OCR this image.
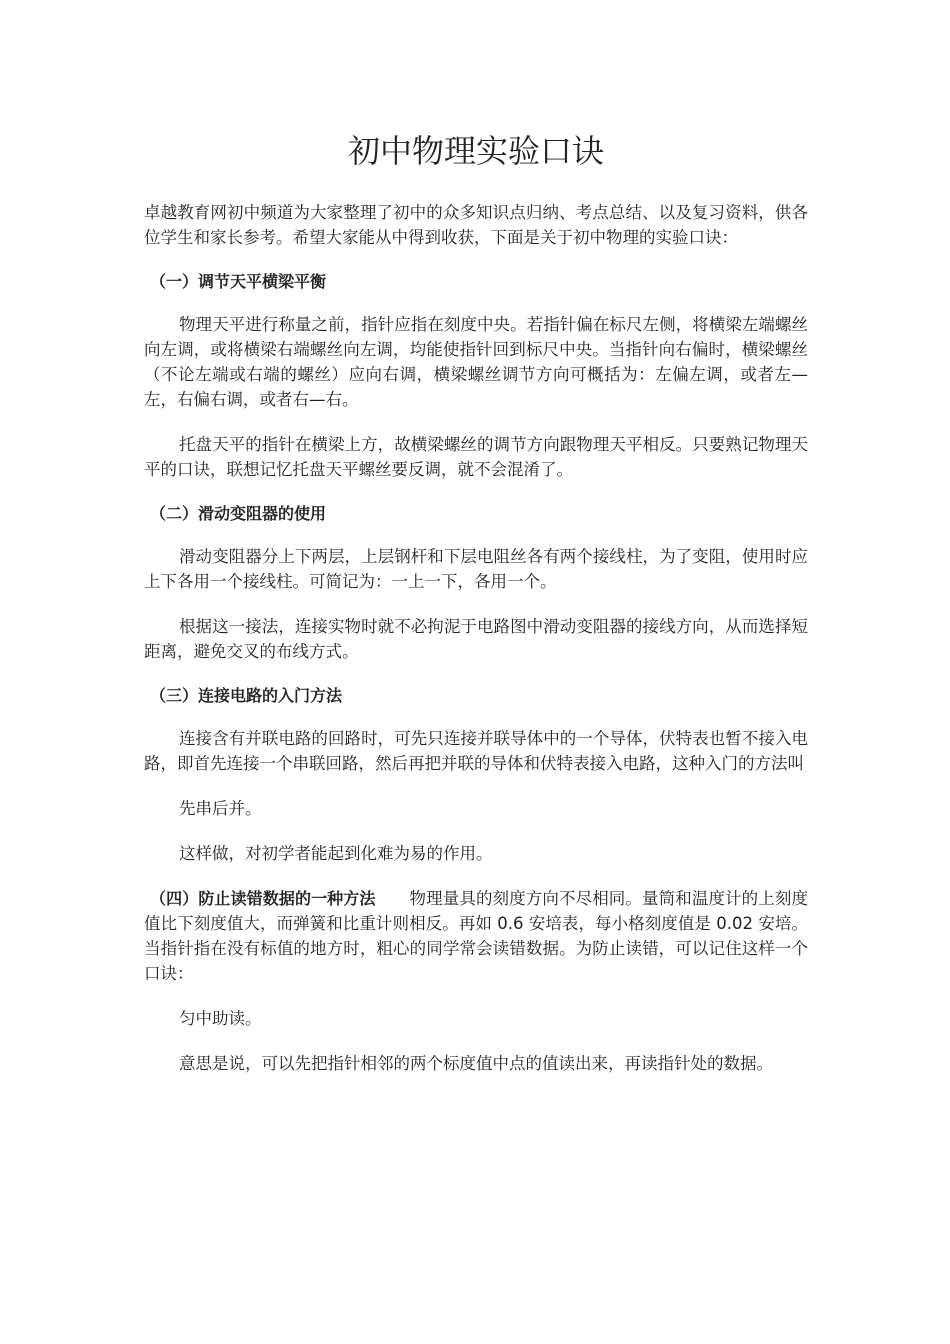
初中物理实验口诀

卓越教育网初中频道为大家整理了初中的众多知识点归纳、考点总结、以及复习资料，供各位学生和家长参考。希望大家能从中得到收获，下面是关于初中物理的实验口诀：

（一）调节天平横梁平衡

物理天平进行称量之前，指针应指在刻度中央。若指针偏在标尺左侧，将横梁左端螺丝向左调，或将横梁右端螺丝向左调，均能使指针回到标尺中央。当指针向右偏时，横梁螺丝（不论左端或右端的螺丝）应向右调，横梁螺丝调节方向可概括为：左偏左调，或者左—左，右偏右调，或者右—右。

托盘天平的指针在横梁上方，故横梁螺丝的调节方向跟物理天平相反。只要熟记物理天平的口诀，联想记忆托盘天平螺丝要反调，就不会混淆了。

（二）滑动变阻器的使用

滑动变阻器分上下两层，上层钢杆和下层电阻丝各有两个接线柱，为了变阻，使用时应上下各用一个接线柱。可简记为：一上一下，各用一个。

根据这一接法，连接实物时就不必拘泥于电路图中滑动变阻器的接线方向，从而选择短距离，避免交叉的布线方式。

（三）连接电路的入门方法

连接含有并联电路的回路时，可先只连接并联导体中的一个导体，伏特表也暂不接入电路，即首先连接一个串联回路，然后再把并联的导体和伏特表接入电路，这种入门的方法叫

先串后并。

这样做，对初学者能起到化难为易的作用。

（四）防止读错数据的一种方法 物理量具的刻度方向不尽相同。量筒和温度计的上刻度值比下刻度值大，而弹簧和比重计则相反。再如 0.6 安培表，每小格刻度值是 0.02 安培。当指针指在没有标值的地方时，粗心的同学常会读错数据。为防止读错，可以记住这样一个口诀：

匀中助读。

意思是说，可以先把指针相邻的两个标度值中点的值读出来，再读指针处的数据。
